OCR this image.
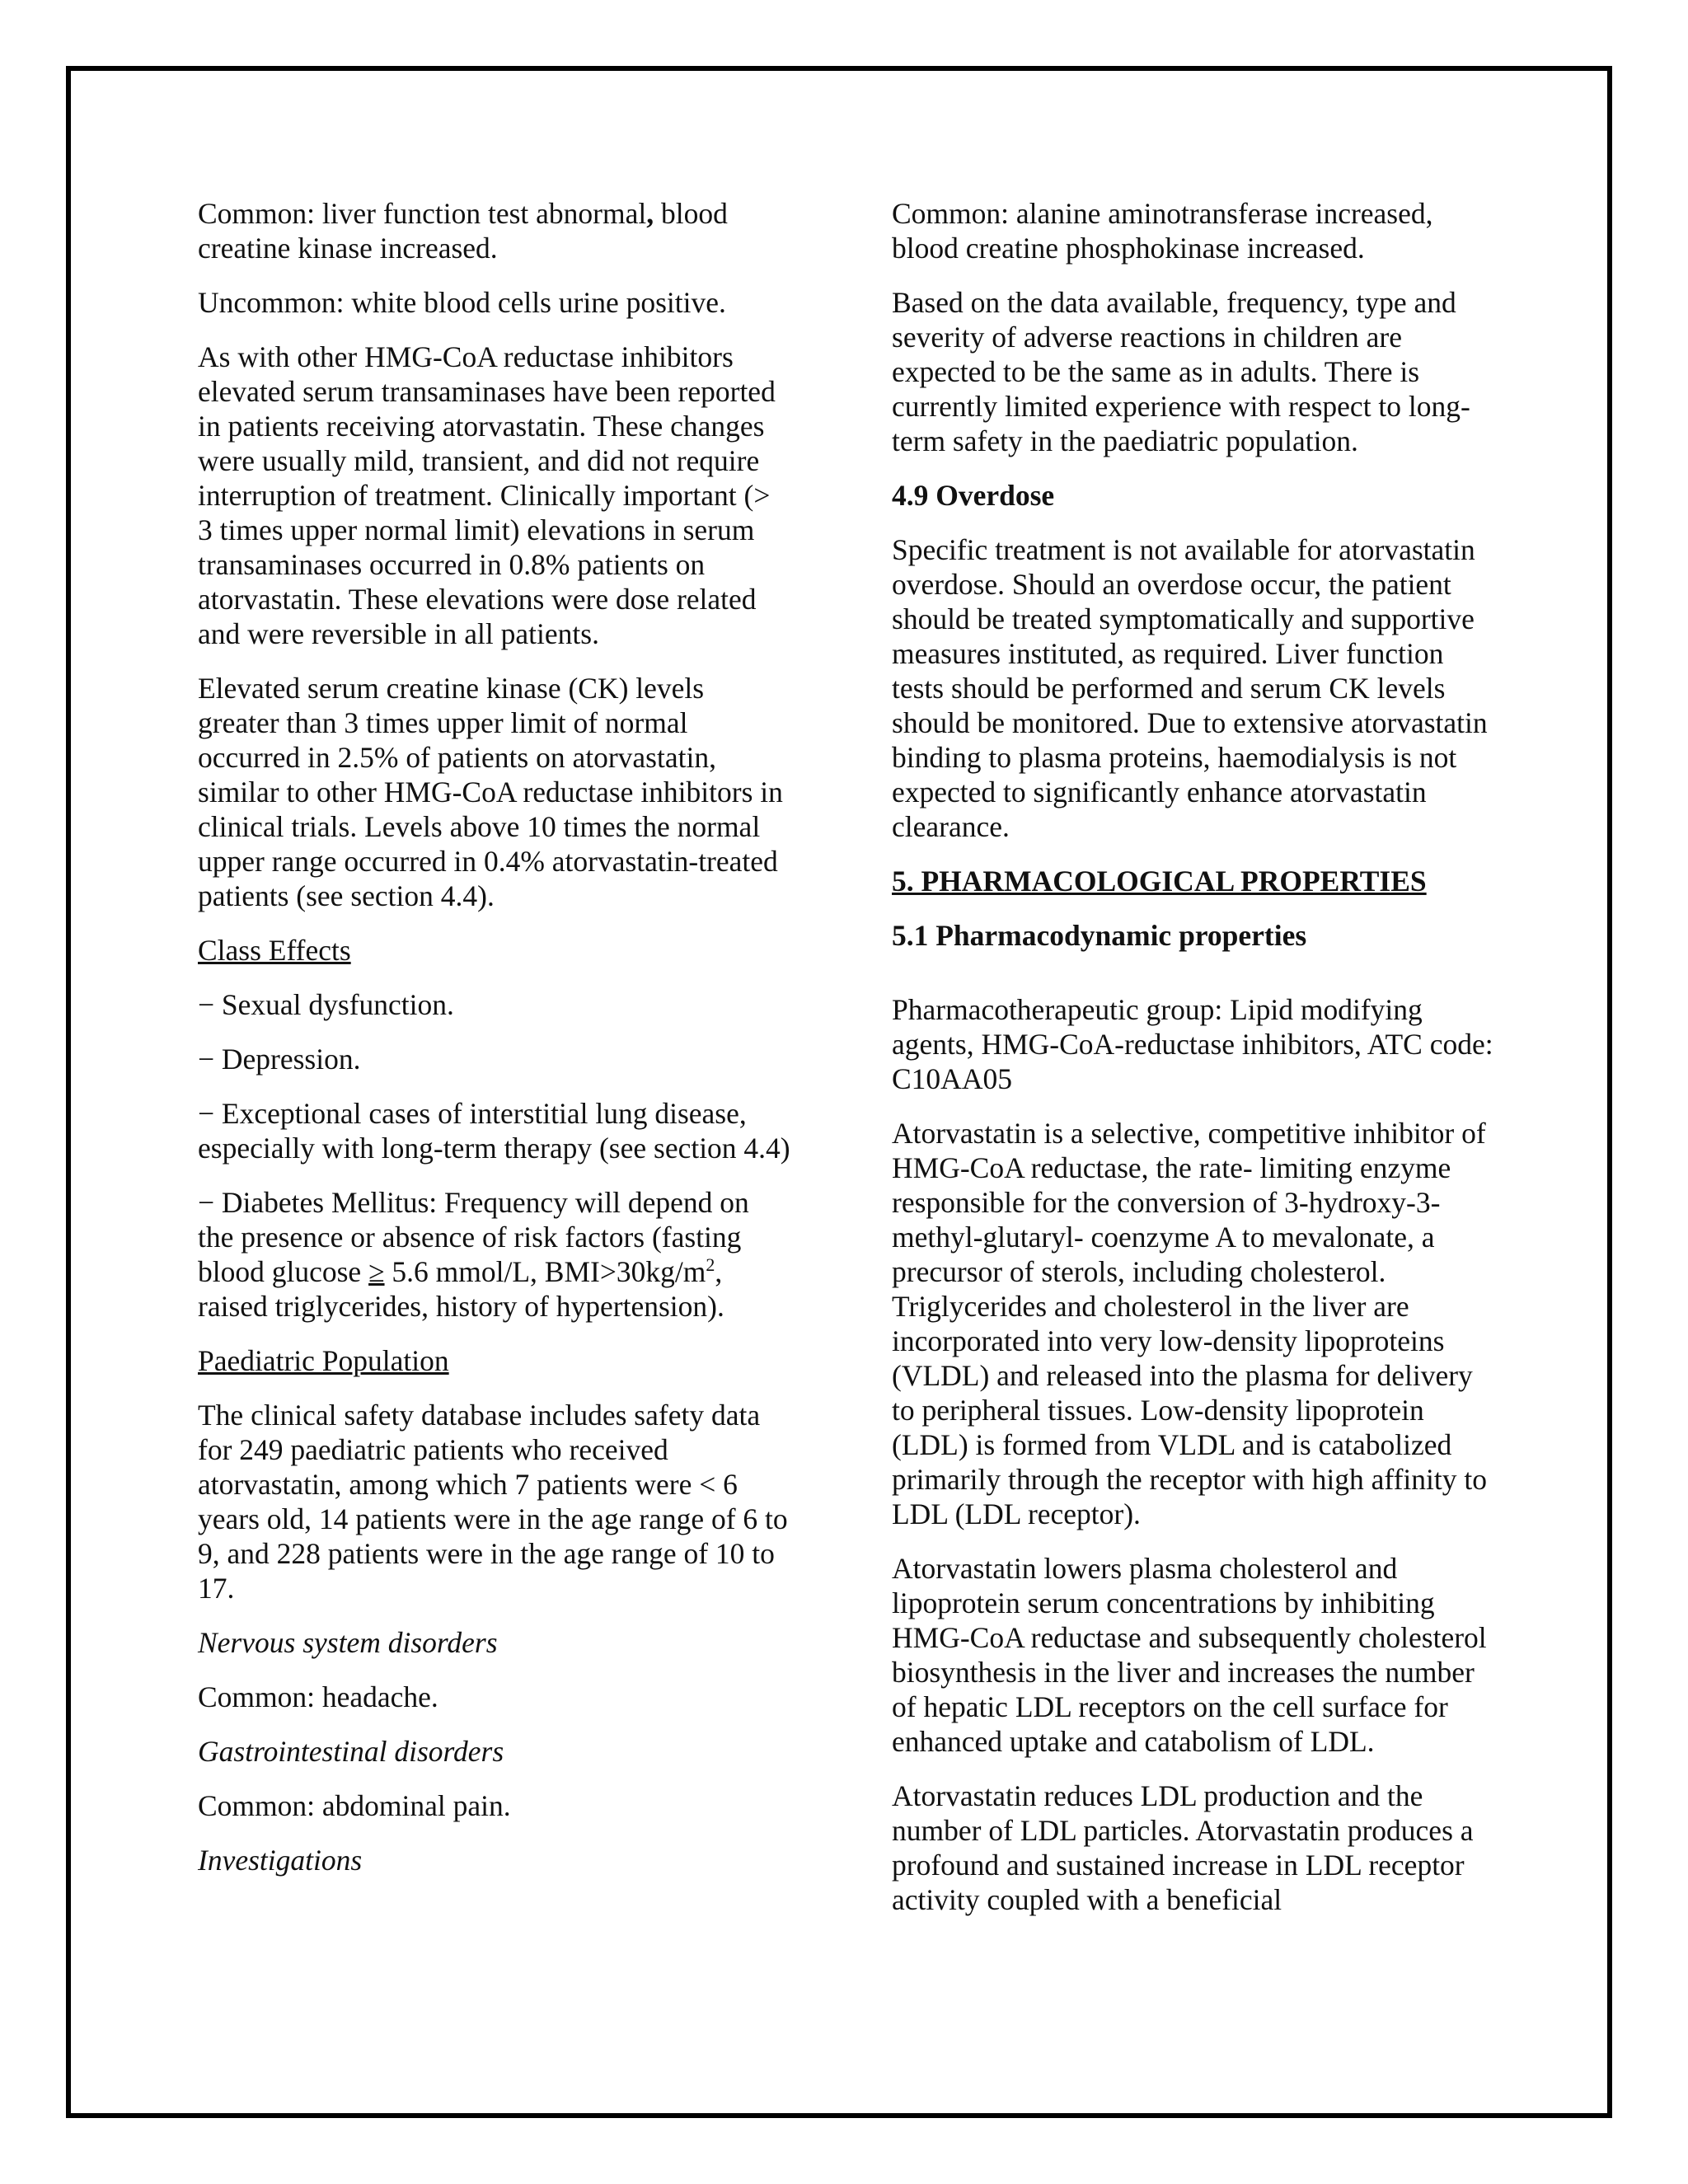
Common: liver function test abnormal, blood creatine kinase increased.

Uncommon: white blood cells urine positive.

As with other HMG-CoA reductase inhibitors elevated serum transaminases have been reported in patients receiving atorvastatin. These changes were usually mild, transient, and did not require interruption of treatment. Clinically important (> 3 times upper normal limit) elevations in serum transaminases occurred in 0.8% patients on atorvastatin. These elevations were dose related and were reversible in all patients.

Elevated serum creatine kinase (CK) levels greater than 3 times upper limit of normal occurred in 2.5% of patients on atorvastatin, similar to other HMG-CoA reductase inhibitors in clinical trials. Levels above 10 times the normal upper range occurred in 0.4% atorvastatin-treated patients (see section 4.4).

Class Effects

− Sexual dysfunction.

− Depression.

− Exceptional cases of interstitial lung disease, especially with long-term therapy (see section 4.4)

− Diabetes Mellitus: Frequency will depend on the presence or absence of risk factors (fasting blood glucose ≥ 5.6 mmol/L, $BMI>30kg/m^2$, raised triglycerides, history of hypertension).

Paediatric Population

The clinical safety database includes safety data for 249 paediatric patients who received atorvastatin, among which 7 patients were < 6 years old, 14 patients were in the age range of 6 to 9, and 228 patients were in the age range of 10 to 17.

Nervous system disorders

Common: headache.

Gastrointestinal disorders

Common: abdominal pain.

Investigations

Common: alanine aminotransferase increased, blood creatine phosphokinase increased.

Based on the data available, frequency, type and severity of adverse reactions in children are expected to be the same as in adults. There is currently limited experience with respect to long-term safety in the paediatric population.

4.9 Overdose

Specific treatment is not available for atorvastatin overdose. Should an overdose occur, the patient should be treated symptomatically and supportive measures instituted, as required. Liver function tests should be performed and serum CK levels should be monitored. Due to extensive atorvastatin binding to plasma proteins, haemodialysis is not expected to significantly enhance atorvastatin clearance.

5. PHARMACOLOGICAL PROPERTIES

5.1 Pharmacodynamic properties

Pharmacotherapeutic group: Lipid modifying agents, HMG-CoA-reductase inhibitors, ATC code: C10AA05

Atorvastatin is a selective, competitive inhibitor of HMG-CoA reductase, the rate- limiting enzyme responsible for the conversion of 3-hydroxy-3-methyl-glutaryl- coenzyme A to mevalonate, a precursor of sterols, including cholesterol. Triglycerides and cholesterol in the liver are incorporated into very low-density lipoproteins (VLDL) and released into the plasma for delivery to peripheral tissues. Low-density lipoprotein (LDL) is formed from VLDL and is catabolized primarily through the receptor with high affinity to LDL (LDL receptor).

Atorvastatin lowers plasma cholesterol and lipoprotein serum concentrations by inhibiting HMG-CoA reductase and subsequently cholesterol biosynthesis in the liver and increases the number of hepatic LDL receptors on the cell surface for enhanced uptake and catabolism of LDL.

Atorvastatin reduces LDL production and the number of LDL particles. Atorvastatin produces a profound and sustained increase in LDL receptor activity coupled with a beneficial
